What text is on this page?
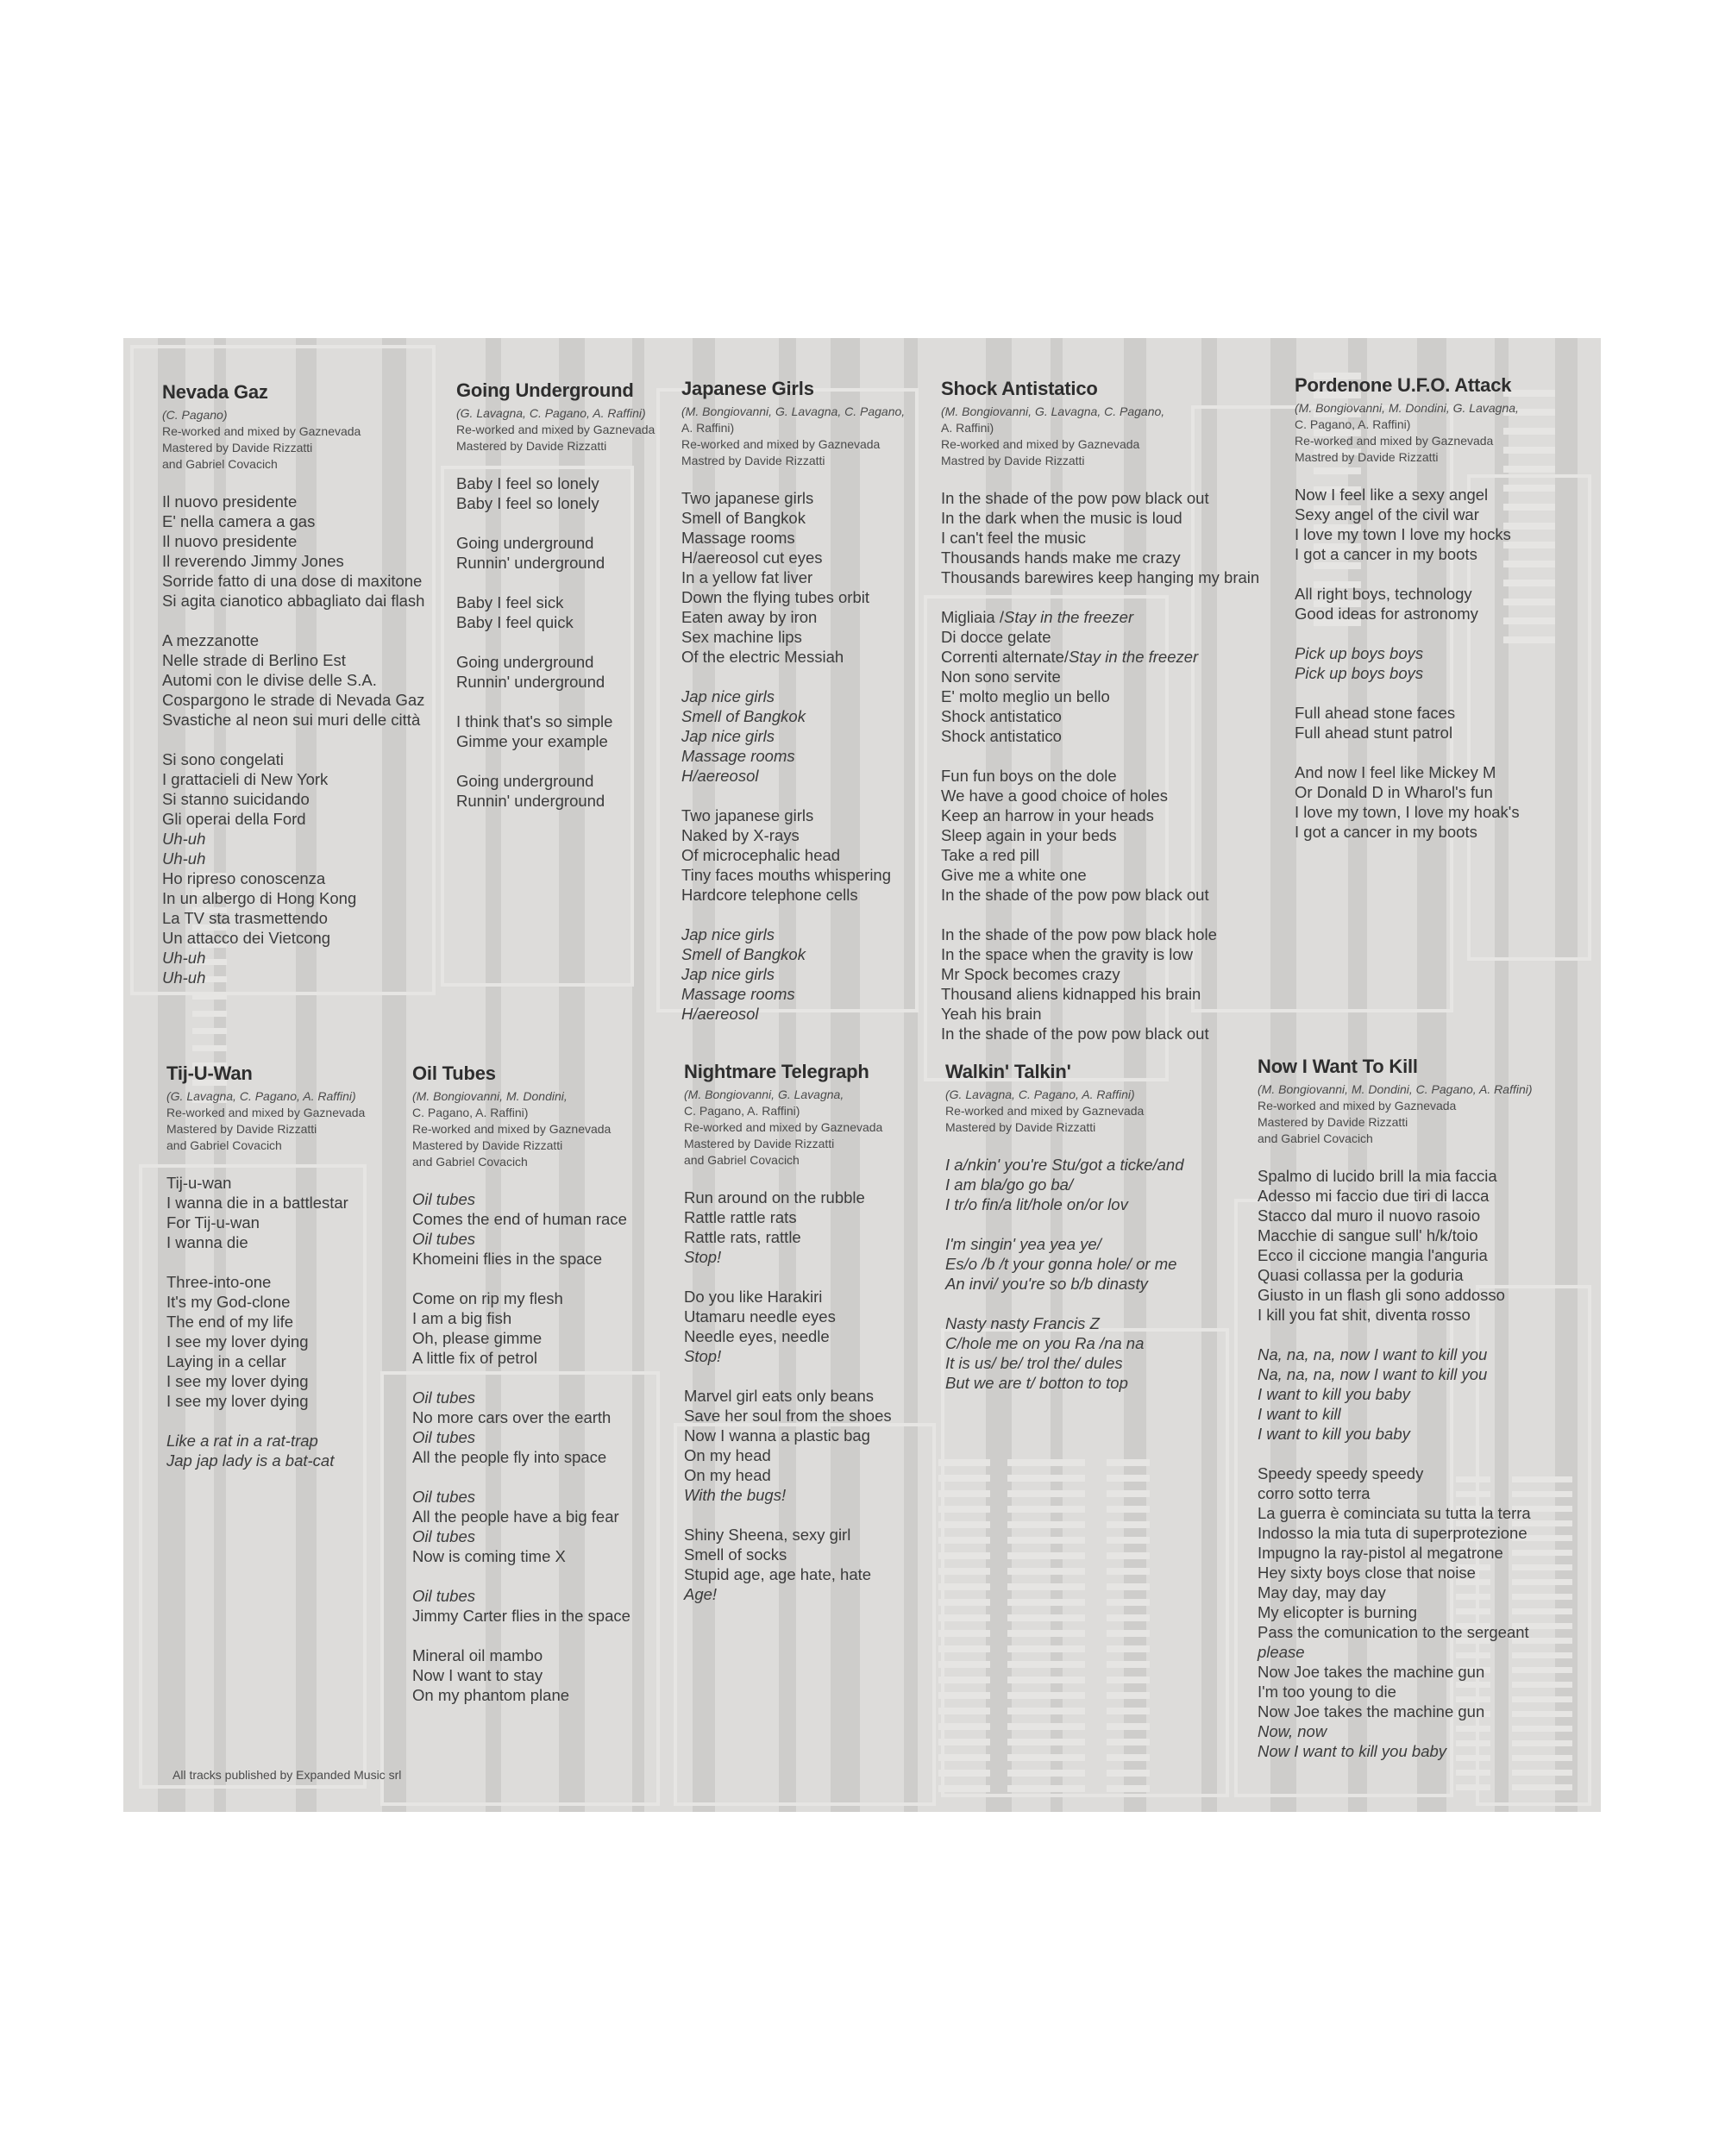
Nevada Gaz
(C. Pagano)
Re-worked and mixed by Gaznevada
Mastered by Davide Rizzatti
and Gabriel Covacich
Il nuovo presidente
E' nella camera a gas
Il nuovo presidente
Il reverendo Jimmy Jones
Sorride fatto di una dose di maxitone
Si agita cianotico abbagliato dai flash
A mezzanotte
Nelle strade di Berlino Est
Automi con le divise delle S.A.
Cospargono le strade di Nevada Gaz
Svastiche al neon sui muri delle città
Si sono congelati
I grattacieli di New York
Si stanno suicidando
Gli operai della Ford
Uh-uh
Uh-uh
Ho ripreso conoscenza
In un albergo di Hong Kong
La TV sta trasmettendo
Un attacco dei Vietcong
Uh-uh
Uh-uh
Going Underground
(G. Lavagna, C. Pagano, A. Raffini)
Re-worked and mixed by Gaznevada
Mastered by Davide Rizzatti
Baby I feel so lonely
Baby I feel so lonely
Going underground
Runnin' underground
Baby I feel sick
Baby I feel quick
Going underground
Runnin' underground
I think that's so simple
Gimme your example
Going underground
Runnin' underground
Japanese Girls
(M. Bongiovanni, G. Lavagna, C. Pagano,
A. Raffini)
Re-worked and mixed by Gaznevada
Mastred by Davide Rizzatti
Two japanese girls
Smell of Bangkok
Massage rooms
H/aereosol cut eyes
In a yellow fat liver
Down the flying tubes orbit
Eaten away by iron
Sex machine lips
Of the electric Messiah
Jap nice girls
Smell of Bangkok
Jap nice girls
Massage rooms
H/aereosol
Two japanese girls
Naked by X-rays
Of microcephalic head
Tiny faces mouths whispering
Hardcore telephone cells
Jap nice girls
Smell of Bangkok
Jap nice girls
Massage rooms
H/aereosol
Shock Antistatico
(M. Bongiovanni, G. Lavagna, C. Pagano,
A. Raffini)
Re-worked and mixed by Gaznevada
Mastred by Davide Rizzatti
In the shade of the pow pow black out
In the dark when the music is loud
I can't feel the music
Thousands hands make me crazy
Thousands barewires keep hanging my brain
Migliaia /Stay in the freezer
Di docce gelate
Correnti alternate/Stay in the freezer
Non sono servite
E' molto meglio un bello
Shock antistatico
Shock antistatico
Fun fun boys on the dole
We have a good choice of holes
Keep an harrow in your heads
Sleep again in your beds
Take a red pill
Give me a white one
In the shade of the pow pow black out
In the shade of the pow pow black hole
In the space when the gravity is low
Mr Spock becomes crazy
Thousand aliens kidnapped his brain
Yeah his brain
In the shade of the pow pow black out
Pordenone U.F.O. Attack
(M. Bongiovanni, M. Dondini, G. Lavagna,
C. Pagano, A. Raffini)
Re-worked and mixed by Gaznevada
Mastred by Davide Rizzatti
Now I feel like a sexy angel
Sexy angel of the civil war
I love my town I love my hocks
I got a cancer in my boots
All right boys, technology
Good ideas for astronomy
Pick up boys boys
Pick up boys boys
Full ahead stone faces
Full ahead stunt patrol
And now I feel like Mickey M
Or Donald D in Wharol's fun
I love my town, I love my hoak's
I got a cancer in my boots
Tij-U-Wan
(G. Lavagna, C. Pagano, A. Raffini)
Re-worked and mixed by Gaznevada
Mastered by Davide Rizzatti
and Gabriel Covacich
Tij-u-wan
I wanna die in a battlestar
For Tij-u-wan
I wanna die
Three-into-one
It's my God-clone
The end of my life
I see my lover dying
Laying in a cellar
I see my lover dying
I see my lover dying
Like a rat in a rat-trap
Jap jap lady is a bat-cat
Oil Tubes
(M. Bongiovanni, M. Dondini,
C. Pagano, A. Raffini)
Re-worked and mixed by Gaznevada
Mastered by Davide Rizzatti
and Gabriel Covacich
Oil tubes
Comes the end of human race
Oil tubes
Khomeini flies in the space
Come on rip my flesh
I am a big fish
Oh, please gimme
A little fix of petrol
Oil tubes
No more cars over the earth
Oil tubes
All the people fly into space
Oil tubes
All the people have a big fear
Oil tubes
Now is coming time X
Oil tubes
Jimmy Carter flies in the space
Mineral oil mambo
Now I want to stay
On my phantom plane
Nightmare Telegraph
(M. Bongiovanni, G. Lavagna,
C. Pagano, A. Raffini)
Re-worked and mixed by Gaznevada
Mastered by Davide Rizzatti
and Gabriel Covacich
Run around on the rubble
Rattle rattle rats
Rattle rats, rattle
Stop!
Do you like Harakiri
Utamaru needle eyes
Needle eyes, needle
Stop!
Marvel girl eats only beans
Save her soul from the shoes
Now I wanna a plastic bag
On my head
On my head
With the bugs!
Shiny Sheena, sexy girl
Smell of socks
Stupid age, age hate, hate
Age!
Walkin' Talkin'
(G. Lavagna, C. Pagano, A. Raffini)
Re-worked and mixed by Gaznevada
Mastered by Davide Rizzatti
I a/nkin' you're Stu/got a ticke/and
I am bla/go go ba/
I tr/o fin/a lit/hole on/or lov
I'm singin' yea yea ye/
Es/o /b /t your gonna hole/ or me
An invi/ you're so b/b dinasty
Nasty nasty Francis Z
C/hole me on you Ra /na na
It is us/ be/ trol the/ dules
But we are t/ botton to top
Now I Want To Kill
(M. Bongiovanni, M. Dondini, C. Pagano, A. Raffini)
Re-worked and mixed by Gaznevada
Mastered by Davide Rizzatti
and Gabriel Covacich
Spalmo di lucido brill la mia faccia
Adesso mi faccio due tiri di lacca
Stacco dal muro il nuovo rasoio
Macchie di sangue sull' h/k/toio
Ecco il ciccione mangia l'anguria
Quasi collassa per la goduria
Giusto in un flash gli sono addosso
I kill you fat shit, diventa rosso
Na, na, na, now I want to kill you
Na, na, na, now I want to kill you
I want to kill you baby
I want to kill
I want to kill you baby
Speedy speedy speedy
corro sotto terra
La guerra è cominciata su tutta la terra
Indosso la mia tuta di superprotezione
Impugno la ray-pistol al megatrone
Hey sixty boys close that noise
May day, may day
My elicopter is burning
Pass the comunication to the sergeant
please
Now Joe takes the machine gun
I'm too young to die
Now Joe takes the machine gun
Now, now
Now I want to kill you baby
All tracks published by Expanded Music srl
